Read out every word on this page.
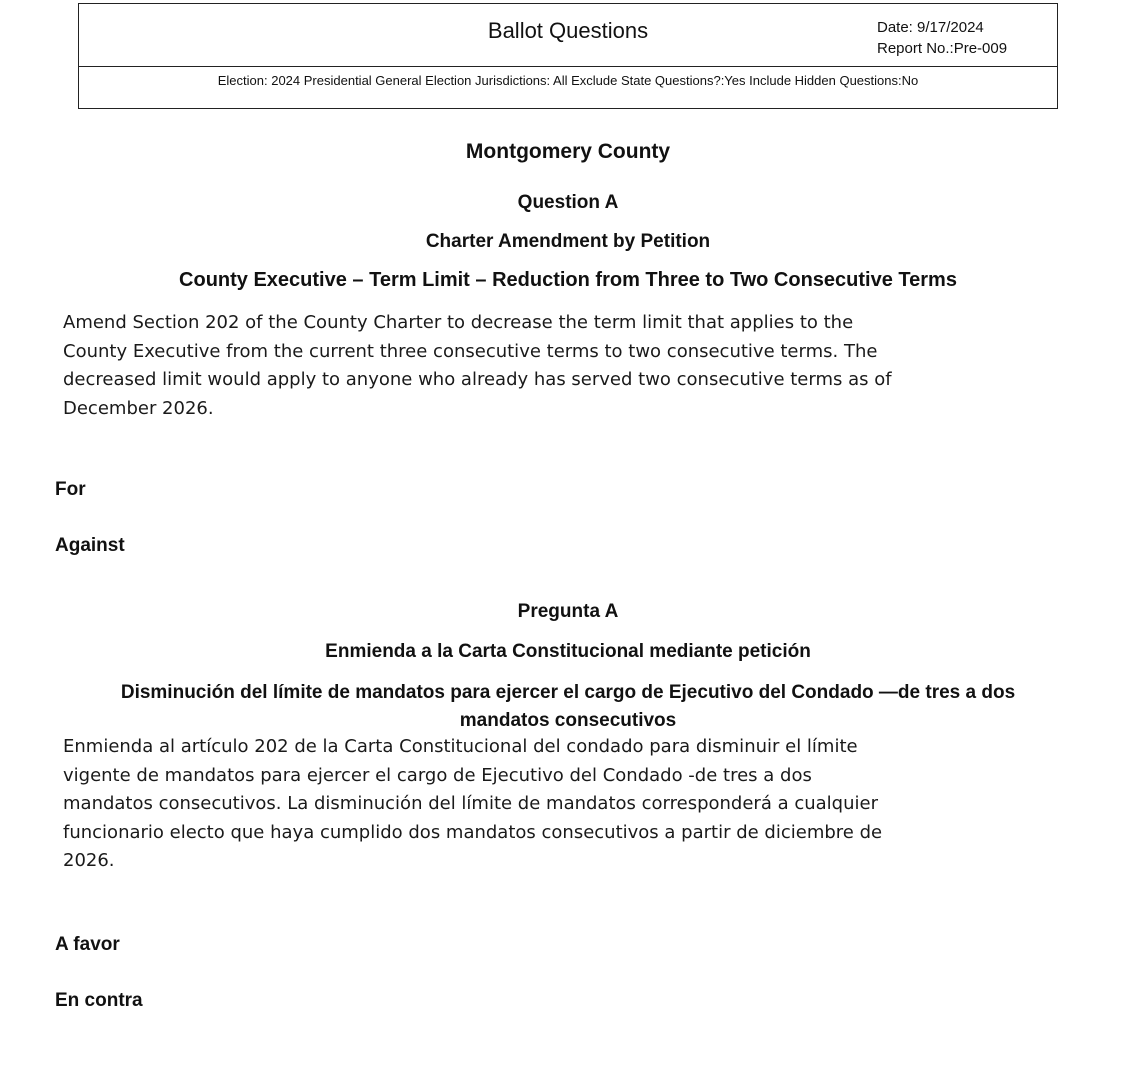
Ballot Questions	Date: 9/17/2024
Report No.:Pre-009
Election: 2024 Presidential General Election Jurisdictions: All Exclude State Questions?:Yes Include Hidden Questions:No
Montgomery County
Question A
Charter Amendment by Petition
County Executive – Term Limit – Reduction from Three to Two Consecutive Terms
Amend Section 202 of the County Charter to decrease the term limit that applies to the County Executive from the current three consecutive terms to two consecutive terms. The decreased limit would apply to anyone who already has served two consecutive terms as of December 2026.
For
Against
Pregunta A
Enmienda a la Carta Constitucional mediante petición
Disminución del límite de mandatos para ejercer el cargo de Ejecutivo del Condado —de tres a dos mandatos consecutivos
Enmienda al artículo 202 de la Carta Constitucional del condado para disminuir el límite vigente de mandatos para ejercer el cargo de Ejecutivo del Condado -de tres a dos mandatos consecutivos. La disminución del límite de mandatos corresponderá a cualquier funcionario electo que haya cumplido dos mandatos consecutivos a partir de diciembre de 2026.
A favor
En contra
